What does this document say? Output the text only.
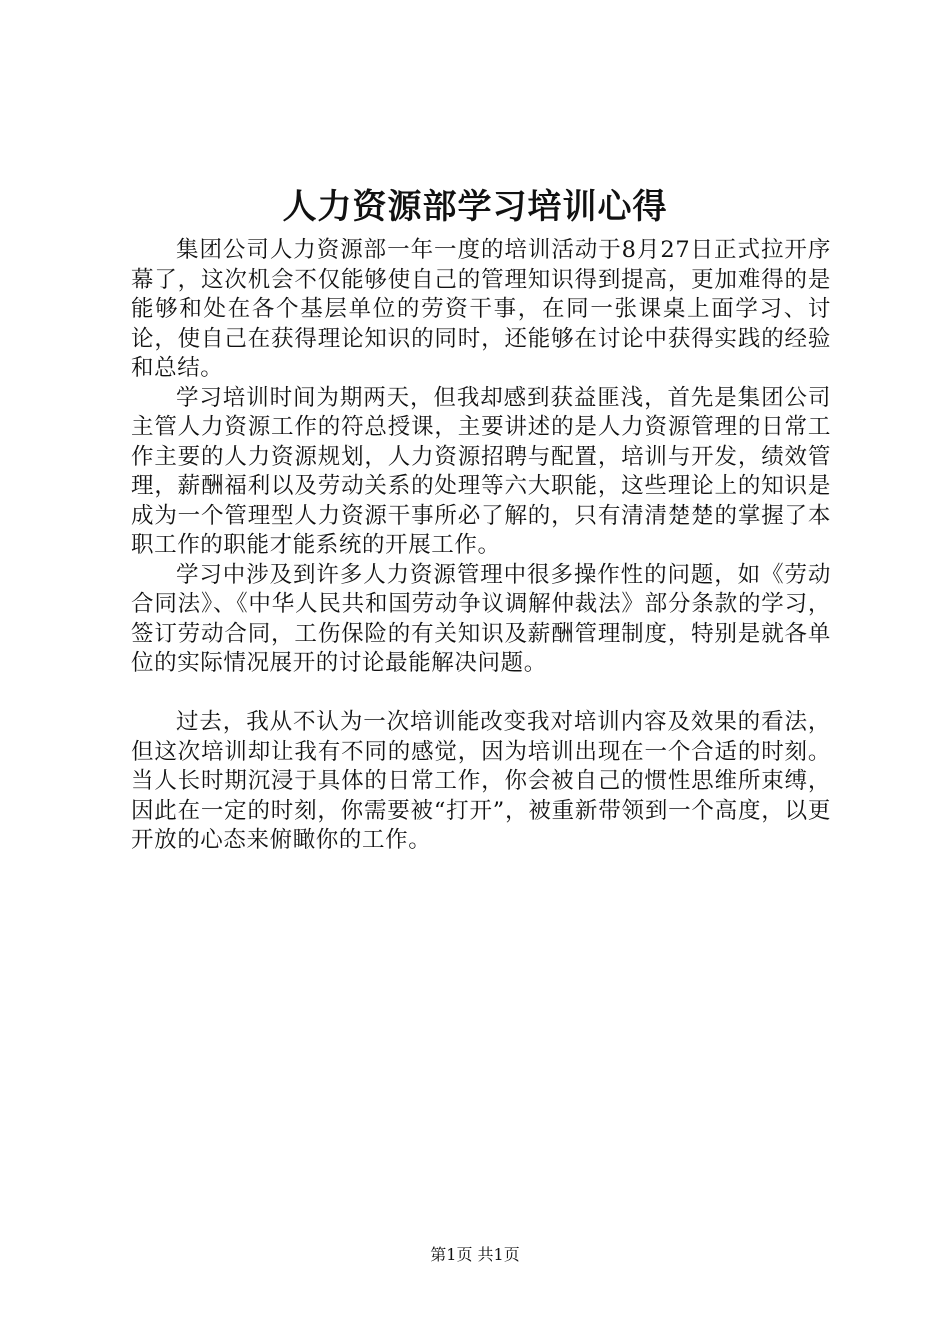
人力资源部学习培训心得

集团公司人力资源部一年一度的培训活动于8月27日正式拉开序幕了，这次机会不仅能够使自己的管理知识得到提高，更加难得的是能够和处在各个基层单位的劳资干事，在同一张课桌上面学习、讨论，使自己在获得理论知识的同时，还能够在讨论中获得实践的经验和总结。

学习培训时间为期两天，但我却感到获益匪浅，首先是集团公司主管人力资源工作的符总授课，主要讲述的是人力资源管理的日常工作主要的人力资源规划，人力资源招聘与配置，培训与开发，绩效管理，薪酬福利以及劳动关系的处理等六大职能，这些理论上的知识是成为一个管理型人力资源干事所必了解的，只有清清楚楚的掌握了本职工作的职能才能系统的开展工作。

学习中涉及到许多人力资源管理中很多操作性的问题，如《劳动合同法》、《中华人民共和国劳动争议调解仲裁法》部分条款的学习，签订劳动合同，工伤保险的有关知识及薪酬管理制度，特别是就各单位的实际情况展开的讨论最能解决问题。

过去，我从不认为一次培训能改变我对培训内容及效果的看法，但这次培训却让我有不同的感觉，因为培训出现在一个合适的时刻。当人长时期沉浸于具体的日常工作，你会被自己的惯性思维所束缚，因此在一定的时刻，你需要被“打开”，被重新带领到一个高度，以更开放的心态来俯瞰你的工作。

第1页 共1页
